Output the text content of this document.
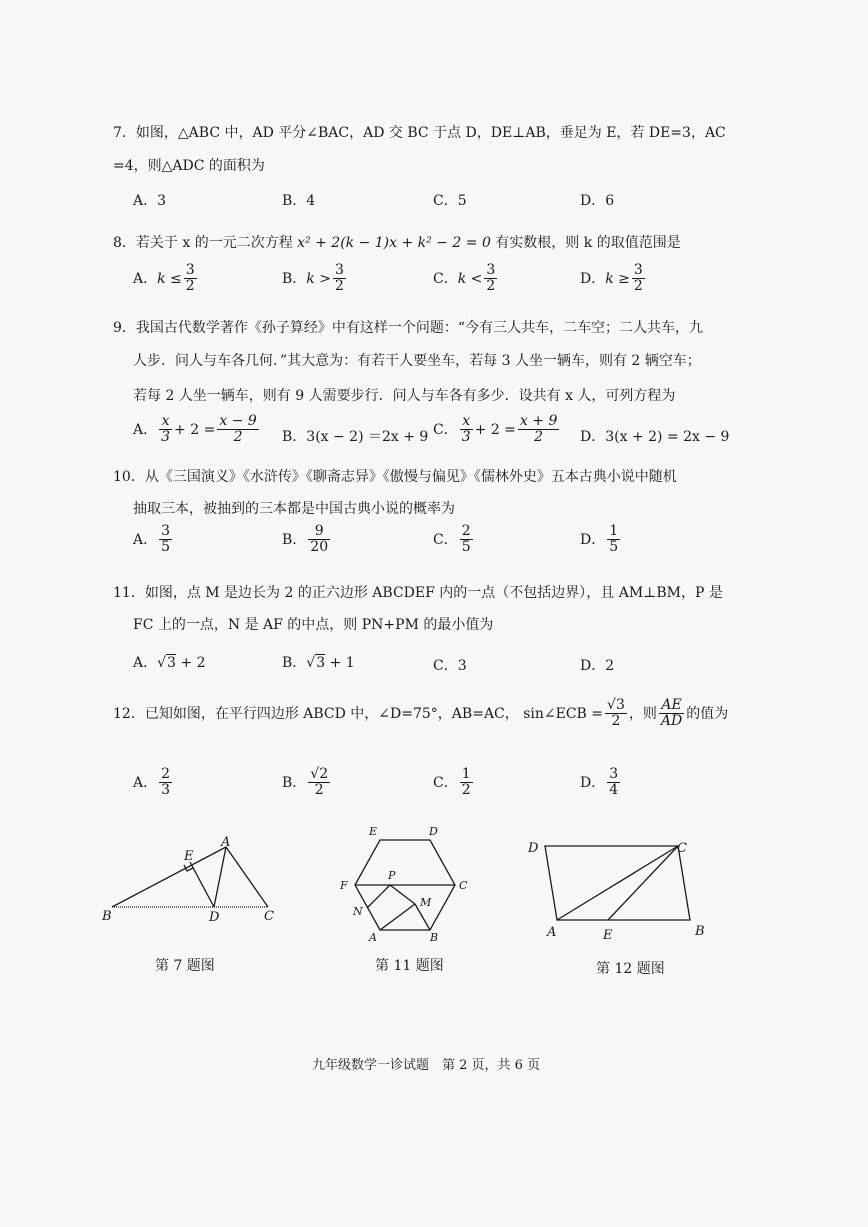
7．如图，△ABC 中，AD 平分∠BAC，AD 交 BC 于点 D，DE⊥AB，垂足为 E，若 DE=3，AC
=4，则△ADC 的面积为
A．3	B．4	C．5	D．6
8．若关于 x 的一元二次方程 x² + 2(k − 1)x + k² − 2 = 0 有实数根，则 k 的取值范围是
A．$k \le \frac{3}{2}$	B．$k > \frac{3}{2}$	C．$k < \frac{3}{2}$	D．$k \ge \frac{3}{2}$
9．我国古代数学著作《孙子算经》中有这样一个问题：“今有三人共车，二车空；二人共车，九
人步．问人与车各几何．”其大意为：有若干人要坐车，若每 3 人坐一辆车，则有 2 辆空车；
若每 2 人坐一辆车，则有 9 人需要步行．问人与车各有多少．设共有 x 人，可列方程为
A． $\frac{x}{3} + 2 = \frac{x - 9}{2}$ B．3(x − 2) ＝2x + 9 C． $\frac{x}{3} + 2 = \frac{x + 9}{2}$ D．3(x + 2) = 2x − 9
10．从《三国演义》《水浒传》《聊斋志异》《傲慢与偏见》《儒林外史》五本古典小说中随机
抽取三本，被抽到的三本都是中国古典小说的概率为
A． $\frac{3}{5}$	B． $\frac{9}{20}$	C． $\frac{2}{5}$	D． $\frac{1}{5}$
11．如图，点 M 是边长为 2 的正六边形 ABCDEF 内的一点（不包括边界），且 AM⊥BM，P 是
FC 上的一点，N 是 AF 的中点，则 PN+PM 的最小值为
A．√3 + 2	B．√3 + 1	C．3	D．2
12．已知如图，在平行四边形 ABCD 中，∠D=75°，AB=AC， sin∠ECB = $\frac{√3}{2}$ ，则 $\frac{AE}{AD}$ 的值为
A． $\frac{2}{3}$	B． $\frac{√2}{2}$	C． $\frac{1}{2}$	D． $\frac{3}{4}$
A
E
B	D	C
第 7 题图
E	D
F
P
C
M
N
A	B
第 11 题图
D	C
A	E	B
第 12 题图
九年级数学一诊试题　第 2 页，共 6 页
